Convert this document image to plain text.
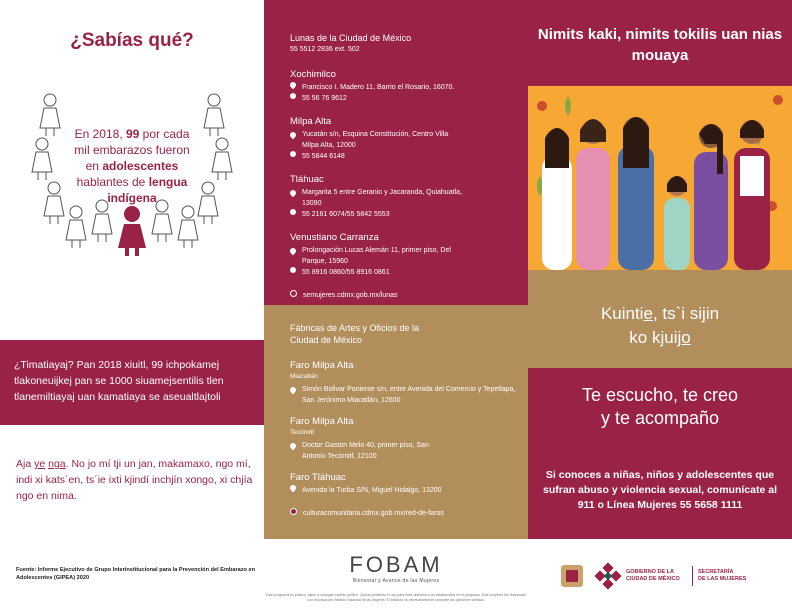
¿Sabías qué?
En 2018, 99 por cada mil embarazos fueron en adolescentes hablantes de lengua indígena

¿Timatiayaj? Pan 2018 xiuitl, 99 ichpokamej tlakoneuijkej pan se 1000 siuamejsentilis tlen tlanemiltiayaj uan kamatiaya se aseualtlajtoli

Aja ye nga. No jo mí tji un jan, makamaxo, ngo mí, indi xi kats´en, ts´ie ixti kjindí inchjín xongo, xi chjía ngo en nima.
Fuente: Informe Ejecutivo de Grupo Interinstitucional para la Prevención del Embarazo en Adolescentes (GIPEA) 2020
Lunas de la Ciudad de México
55 5512 2836 ext. 502
Xochimilco
Francisco I. Madero 11, Barrio el Rosario, 16070.
55 56 76 9612
Milpa Alta
Yucatán s/n, Esquina Constitución, Centro Villa Milpa Alta, 12000
55 5844 6148
Tláhuac
Margarita 5 entre Geranio y Jacaranda, Quiahuatla, 13090
55 2161 6074/55 5842 5553
Venustiano Carranza
Prolongación Lucas Alemán 11, primer piso, Del Parque, 15960
55 8916 0860/55 8916 0861
semujeres.cdmx.gob.mx/lunas
Fábricas de Artes y Oficios de la Ciudad de México
Faro Milpa Alta
Miacatlán
Simón Bolivar Poniente s/n, entre Avenida del Comercio y Tepetlapa, San Jerónimo Miacatlán, 12600
Faro Milpa Alta
Tecómitl
Doctor Gaston Melo 40, primer piso, San Antonio Tecómitl, 12100
Faro Tláhuac
Avenida la Turba S/N, Miguel Hidalgo, 13200
culturacomunitaria.cdmx.gob.mx/red-de-faros
Nimits kaki, nimits tokilis uan nias mouaya
Kuintie, ts`i sijin
ko kjuijo
Te escucho, te creo
y te acompaño
Si conoces a niñas, niños y adolescentes que sufran abuso y violencia sexual, comunícate al 911 o Línea Mujeres 55 5658 1111
FOBAM
Bienestar y Avance de las Mujeres
Este programa es público, ajeno a cualquier partido político. Queda prohibido el uso para fines distintos a los establecidos en el programa. Este proyecto fue financiado con recursos del Instituto Nacional de las Mujeres. El Instituto no necesariamente comparte las opiniones vertidas.
GOBIERNO DE LA
CIUDAD DE MÉXICO
SECRETARÍA
DE LAS MUJERES
